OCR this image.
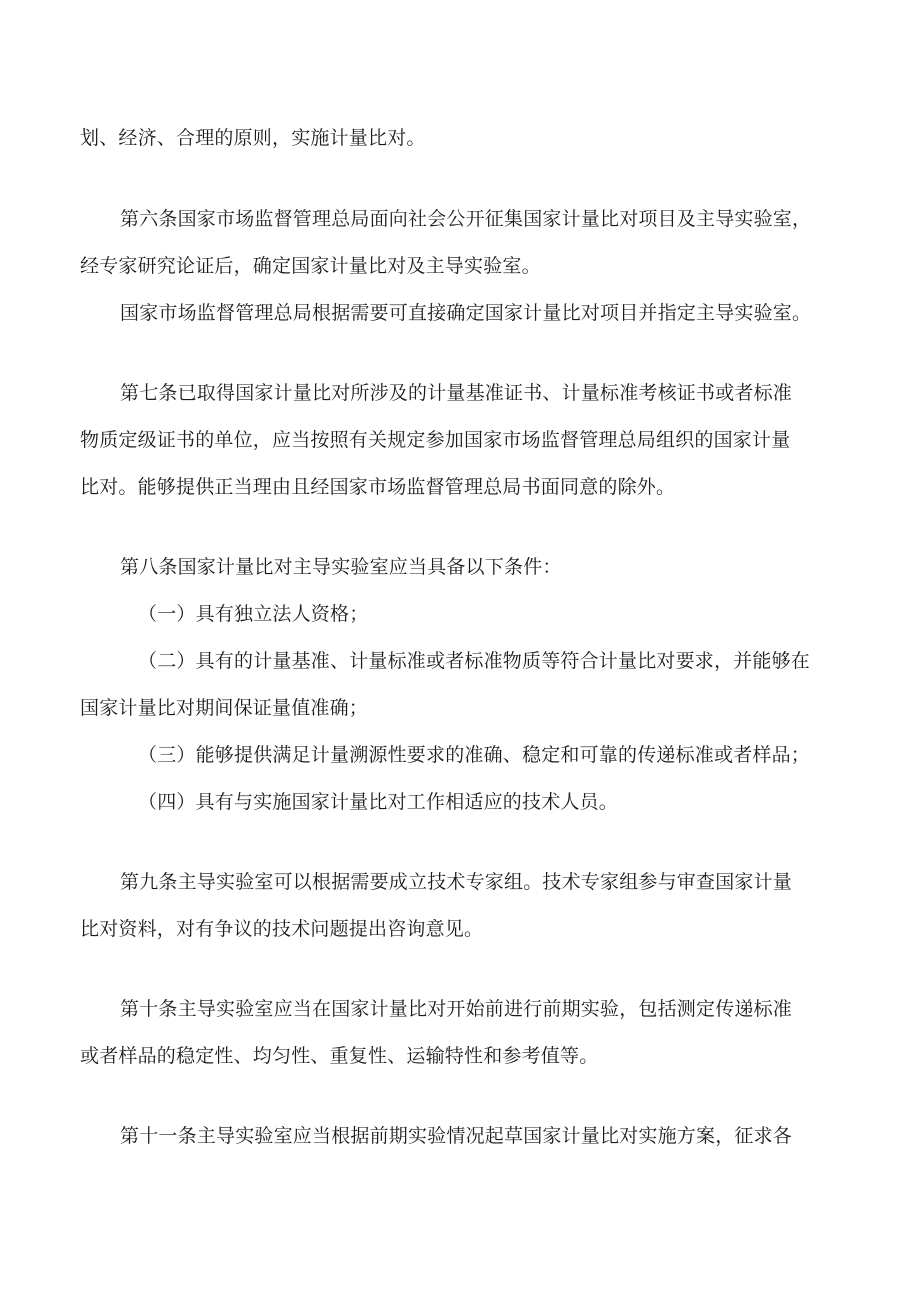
划、经济、合理的原则，实施计量比对。
第六条国家市场监督管理总局面向社会公开征集国家计量比对项目及主导实验室，
经专家研究论证后，确定国家计量比对及主导实验室。
国家市场监督管理总局根据需要可直接确定国家计量比对项目并指定主导实验室。
第七条已取得国家计量比对所涉及的计量基准证书、计量标准考核证书或者标准
物质定级证书的单位，应当按照有关规定参加国家市场监督管理总局组织的国家计量
比对。能够提供正当理由且经国家市场监督管理总局书面同意的除外。
第八条国家计量比对主导实验室应当具备以下条件：
（一）具有独立法人资格；
（二）具有的计量基准、计量标准或者标准物质等符合计量比对要求，并能够在
国家计量比对期间保证量值准确；
（三）能够提供满足计量溯源性要求的准确、稳定和可靠的传递标准或者样品；
（四）具有与实施国家计量比对工作相适应的技术人员。
第九条主导实验室可以根据需要成立技术专家组。技术专家组参与审查国家计量
比对资料，对有争议的技术问题提出咨询意见。
第十条主导实验室应当在国家计量比对开始前进行前期实验，包括测定传递标准
或者样品的稳定性、均匀性、重复性、运输特性和参考值等。
第十一条主导实验室应当根据前期实验情况起草国家计量比对实施方案，征求各
